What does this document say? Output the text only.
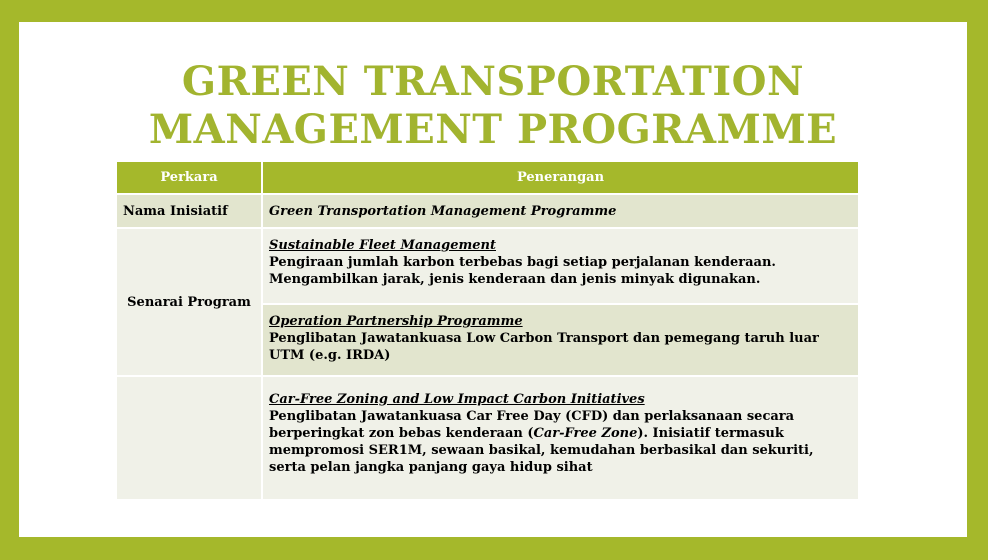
GREEN TRANSPORTATION
MANAGEMENT PROGRAMME
Perkara	Penerangan
Nama Inisiatif	Green Transportation Management Programme
Senarai Program	Sustainable Fleet Management
Pengiraan jumlah karbon terbebas bagi setiap perjalanan kenderaan. Mengambilkan jarak, jenis kenderaan dan jenis minyak digunakan.

	Operation Partnership Programme
Penglibatan Jawatankuasa Low Carbon Transport dan pemegang taruh luar UTM (e.g. IRDA)

	Car-Free Zoning and Low Impact Carbon Initiatives
Penglibatan Jawatankuasa Car Free Day (CFD) dan perlaksanaan secara berperingkat zon bebas kenderaan (Car-Free Zone). Inisiatif termasuk mempromosi SER1M, sewaan basikal, kemudahan berbasikal dan sekuriti, serta pelan jangka panjang gaya hidup sihat
